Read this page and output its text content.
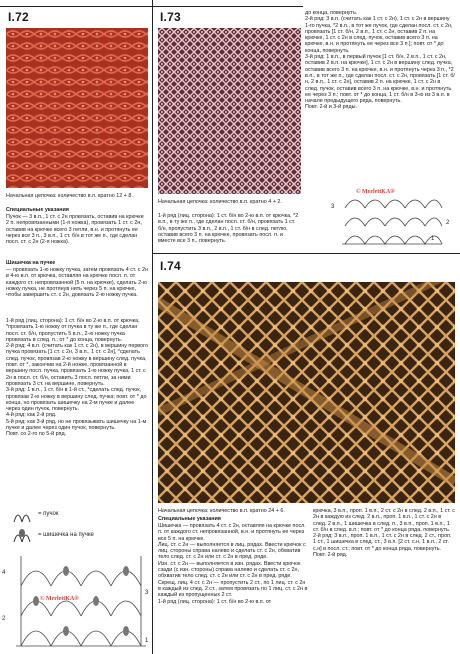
I.72
Начальная цепочка: количество в.п. кратно 12 + 8.
Специальные указания
Пучок — 3 в.п., 1 ст. с 2н провязать, оставив на крючке 2 п. непровязанными (1-я ножка), провязать 1 ст. с 2н, оставив на крючке всего 3 петли, в.н. и протянуть ее через все 3 п., 3 в.п., 1 ст. б/н в тот же п., где сделан посл. ст. с 2н (2-я ножка).
Шишечка на пучке
— провязать 1-ю ножку пучка, затем провязать 4 ст. с 2н в 4-ю в.п. от крючка, оставляя на крючке посл. п. от каждого ст. непровязанной (5 п. на крючке), сделать 2-ю ножку пучка, не протянув нить через 5 п. на крючке, чтобы завершить ст. с 2н, довязать 2-ю ножку пучка.
1-й ряд (лиц. сторона): 1 ст. б/н во 2-ю в.п. от крючка, *провязать 1-ю ножку от пучка в ту же п., где сделан посл. ст. б/н, пропустить 5 в.п., 2-ю ножку пучка провязать в след. п.; от * до конца, повернуть.
2-й ряд: 4 в.п. (считать как 1 ст. с 2н), в вершину первого пучка провязать [1 ст. с 2н, 3 в.п., 1 ст. с 2н], *сделать след. пучок, провязав 2-ю ножку в вершину след. пучка, повт. от *, закончив на 2-й ножке, провязанной в вершину посл. пучка, провязать 1-ю ножку пучка, 1 ст. с 2н в посл. ст. б/н, оставить 3 посл. петли, за ними провязать 3 ст. на вершине, повернуть.
3-й ряд: 1 в.п., 1 ст. б/н в 1-й ст., *сделать след. пучок, провязав 2-ю ножку в вершину след. пучка; повт. от * до конца, но провязать шишечку на 2-м пучке и далее через один пучок, повернуть.
4-й ряд: как 2-й ряд.
5-й ряд: как 3-й ряд, но не провязывать шишечку на 1-м пучке и далее через один пучок, повернуть.
Повт. со 2-го по 5-й ряд.
= пучок
= шишечка на пучке
4
3
2
1
© MerlettKA®
I.73
Начальная цепочка: количество в.п. кратно 4 + 2.
1-й ряд (лиц. сторона): 1 ст. б/н во 2-ю в.п. от крючка, *2 в.п., в ту же п., где сделан посл. ст. б/н, провязать 1 ст. б/н, пропустить 3 в.п., 2 в.п., 1 ст. б/н в след. петлю, оставив всего 3 п. на крючке, провязать посл. п. и вместе все 3 п., повернуть.
до конца, повернуть.
2-й ряд: 3 в.п. (считать как 1 ст. с 2н), 1 ст. с 2н в вершину 1-го пучка, *2 в.п., в тот же пучок, где сделан посл. ст. с 2н, провязать [1 ст. б/н, 2 в.п., 1 ст. с 2н, оставив 2 п. на крючке, 1 ст. с 2н в след. пучок, оставив всего 3 п. на крючке, в.н. и протянуть ее через все 3 п.]; повт. от * до конца, повернуть.
3-й ряд: 1 в.п., в первый пучок [1 ст. б/н, 2 в.п., 1 ст. с 2н, оставив 2 в.п. на крючке], 1 ст. с 2н в вершину след. пучка, оставив всего 3 п. на крючке, в.н. и протянуть через 3 п., *2 в.п., в тот же п., где сделан посл. ст. с 2н, провязать [1 ст. б/н, 2 в.п., 1 ст. с 2н], оставив 2 п. на крючке, 1 ст. с 2н в след. пучок, оставив всего 3 п. на крючке, в.н. и протянуть ее через 3 п.; повт. от * до конца, 1 ст. б/н в 3-ю из 3 в.п. в начале предыдущего ряда, повернуть.
Повт. 2-й и 3-й ряды.
3
2
1
© MerlettKA®
I.74
Начальная цепочка: количество в.п. кратно 24 + 6.
Специальные указания
Шишечка — провязать 4 ст. с 2н, оставляя на крючке посл. п. от каждого ст. непровязанной, в.н. и протянуть ее через все 5 п. на крючке.
Лиц. ст. с 2н — выполняется в лиц. рядах. Ввести крючок с лиц. стороны справа налево и сделать ст. с 2н, обхватив тело след. ст. с 2н или ст. с 2н в пред. ряде.
Изн. ст. с 2н — выполняется в изн. рядах. Ввести крючок сзади (с изн. стороны) справа налево и сделать ст. с 2н, обхватив тело след. ст. с 2н или ст. с 2н в пред. ряде.
Скрещ. лиц. 4 ст. с 2н — пропустить 2 ст., по 1 лиц. ст. с 2н в каждый из след. 2 ст., затем провязать по 1 лиц. ст. с 2н в каждый из пропущенных 2 ст.
1-й ряд (лиц. сторона): 1 ст. б/н во 2-ю в.п. от
крючка, 3 в.п., проп. 1 в.п., 2 ст. с 2н в след. 2 в.п., 1 ст. с 2н в каждую из след. 2 в.п., проп. 1 в.п., 1 ст. с 2н в след. 2 в.п., 1 шишечка в след. п., 3 в.п., проп. 1 в.п., 1 ст. б/н в след. в.п.; повт. от * до конца ряда, повернуть.
2-й ряд: 3 в.п., проп. 1 в.п., 1 ст. с 2н в след. 2 ст., проп. 1 ст., 1 шишечка в след. ст., 3 в.п. [2 ст. с.н, 1 в.п., 2 ст. с.н] в посл. ст.; повт. от * до конца ряда, повернуть.
Повт. 2-й ряд.
